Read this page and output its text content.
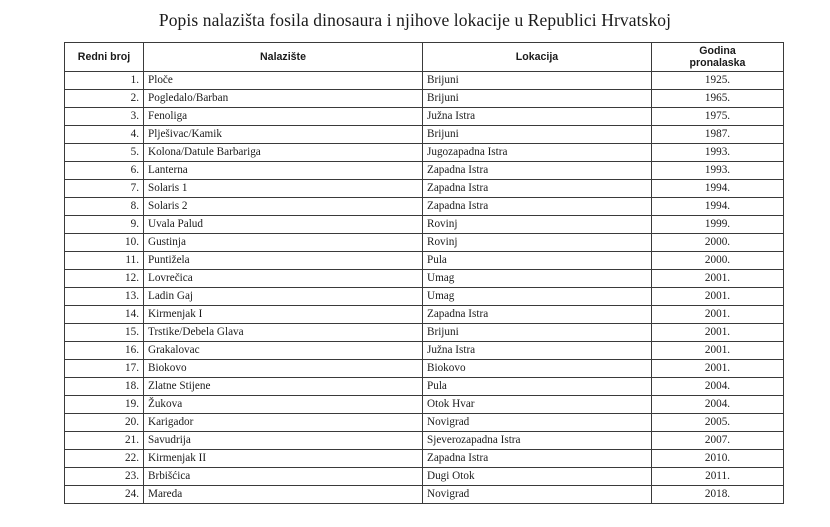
Popis nalazišta fosila dinosaura i njihove lokacije u Republici Hrvatskoj
Redni broj	Nalazište	Lokacija	Godina
pronalaska
1.	Ploče	Brijuni	1925.
2.	Pogledalo/Barban	Brijuni	1965.
3.	Fenoliga	Južna Istra	1975.
4.	Plješivac/Kamik	Brijuni	1987.
5.	Kolona/Datule Barbariga	Jugozapadna Istra	1993.
6.	Lanterna	Zapadna Istra	1993.
7.	Solaris 1	Zapadna Istra	1994.
8.	Solaris 2	Zapadna Istra	1994.
9.	Uvala Palud	Rovinj	1999.
10.	Gustinja	Rovinj	2000.
11.	Puntižela	Pula	2000.
12.	Lovrečica	Umag	2001.
13.	Ladin Gaj	Umag	2001.
14.	Kirmenjak I	Zapadna Istra	2001.
15.	Trstike/Debela Glava	Brijuni	2001.
16.	Grakalovac	Južna Istra	2001.
17.	Biokovo	Biokovo	2001.
18.	Zlatne Stijene	Pula	2004.
19.	Žukova	Otok Hvar	2004.
20.	Karigador	Novigrad	2005.
21.	Savudrija	Sjeverozapadna Istra	2007.
22.	Kirmenjak II	Zapadna Istra	2010.
23.	Brbišćica	Dugi Otok	2011.
24.	Mareda	Novigrad	2018.
